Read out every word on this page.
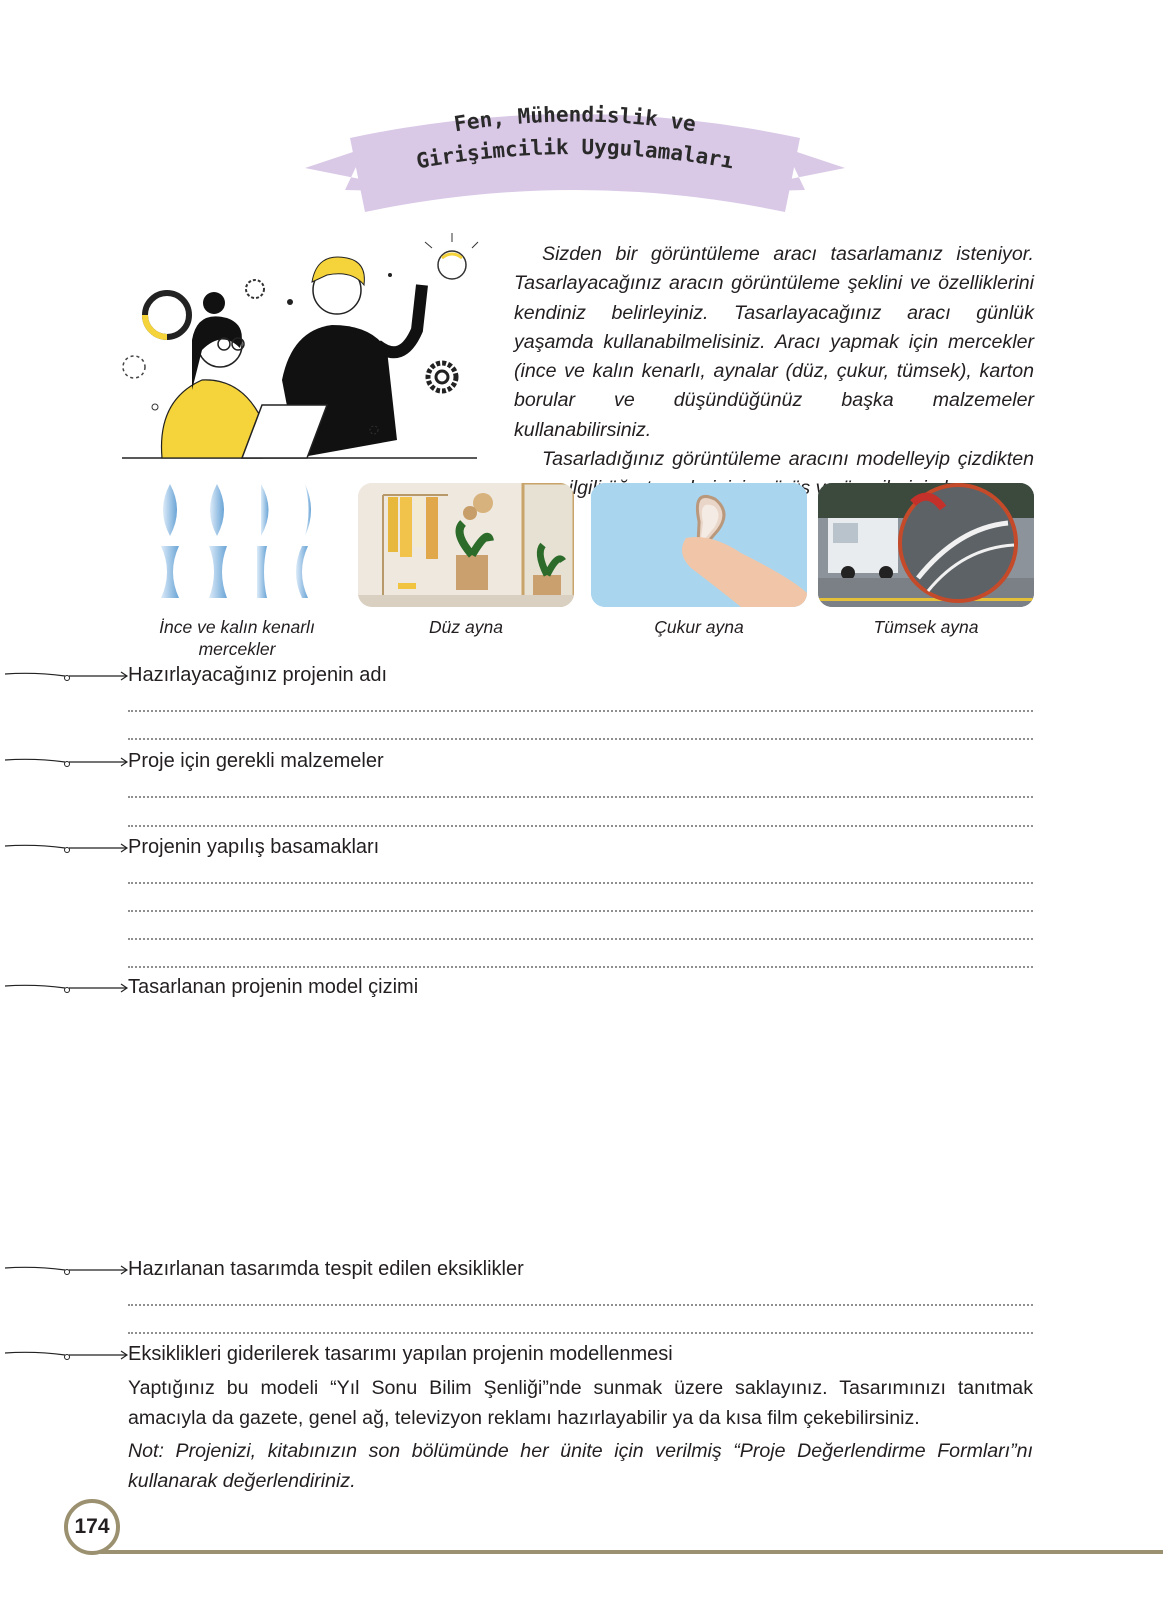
Fen, Mühendislik ve
Girişimcilik Uygulamaları

Sizden bir görüntüleme aracı tasarlamanız isteniyor. Tasarlayacağınız aracın görüntüleme şeklini ve özelliklerini kendiniz belirleyiniz. Tasarlayacağınız aracı günlük yaşamda kullanabilmelisiniz. Aracı yapmak için mercekler (ince ve kalın kenarlı, aynalar (düz, çukur, tümsek), karton borular ve düşündüğünüz başka malzemeler kullanabilirsiniz.

Tasarladığınız görüntüleme aracını modelleyip çizdikten ilgili

İnce ve kalın kenarlı mercekler
Düz ayna	Çukur ayna	Tümsek ayna
Hazırlayacağınız projenin adı
Proje için gerekli malzemeler
Projenin yapılış basamakları
Tasarlanan projenin model çizimi
Hazırlanan tasarımda tespit edilen eksiklikler
Eksiklikleri giderilerek tasarımı yapılan projenin modellenmesi

Yaptığınız bu modeli “Yıl Sonu Bilim Şenliği”nde sunmak üzere saklayınız. Tasarımınızı tanıtmak amacıyla da gazete, genel ağ, televizyon reklamı hazırlayabilir ya da kısa film çekebilirsiniz.

Not: Projenizi, kitabınızın son bölümünde her ünite için verilmiş “Proje Değerlendirme Formları”nı kullanarak değerlendiriniz.

174
